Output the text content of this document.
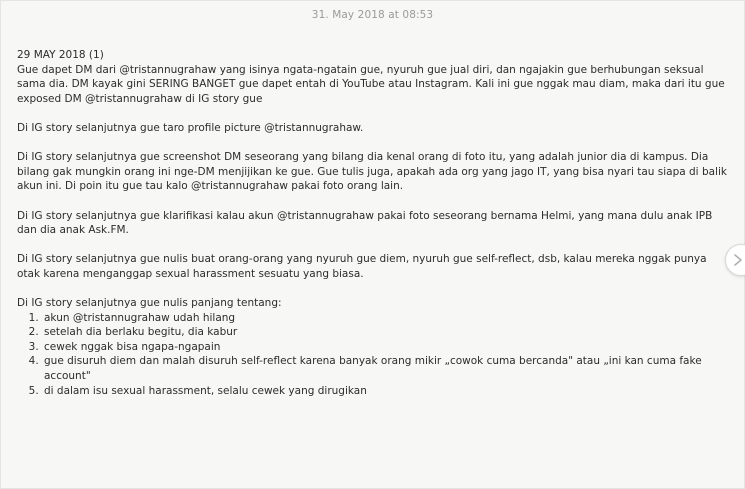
31. May 2018 at 08:53

29 MAY 2018 (1)

Gue dapet DM dari @tristannugrahaw yang isinya ngata-ngatain gue, nyuruh gue jual diri, dan ngajakin gue berhubungan seksual sama dia. DM kayak gini SERING BANGET gue dapet entah di YouTube atau Instagram. Kali ini gue nggak mau diam, maka dari itu gue exposed DM @tristannugrahaw di IG story gue

Di IG story selanjutnya gue taro profile picture @tristannugrahaw.

Di IG story selanjutnya gue screenshot DM seseorang yang bilang dia kenal orang di foto itu, yang adalah junior dia di kampus. Dia bilang gak mungkin orang ini nge-DM menjijikan ke gue. Gue tulis juga, apakah ada org yang jago IT, yang bisa nyari tau siapa di balik akun ini. Di poin itu gue tau kalo @tristannugrahaw pakai foto orang lain.

Di IG story selanjutnya gue klarifikasi kalau akun @tristannugrahaw pakai foto seseorang bernama Helmi, yang mana dulu anak IPB dan dia anak Ask.FM.

Di IG story selanjutnya gue nulis buat orang-orang yang nyuruh gue diem, nyuruh gue self-reflect, dsb, kalau mereka nggak punya otak karena menganggap sexual harassment sesuatu yang biasa.

Di IG story selanjutnya gue nulis panjang tentang:

1. akun @tristannugrahaw udah hilang
2. setelah dia berlaku begitu, dia kabur
3. cewek nggak bisa ngapa-ngapain
4. gue disuruh diem dan malah disuruh self-reflect karena banyak orang mikir „cowok cuma bercanda" atau „ini kan cuma fake account"
5. di dalam isu sexual harassment, selalu cewek yang dirugikan
